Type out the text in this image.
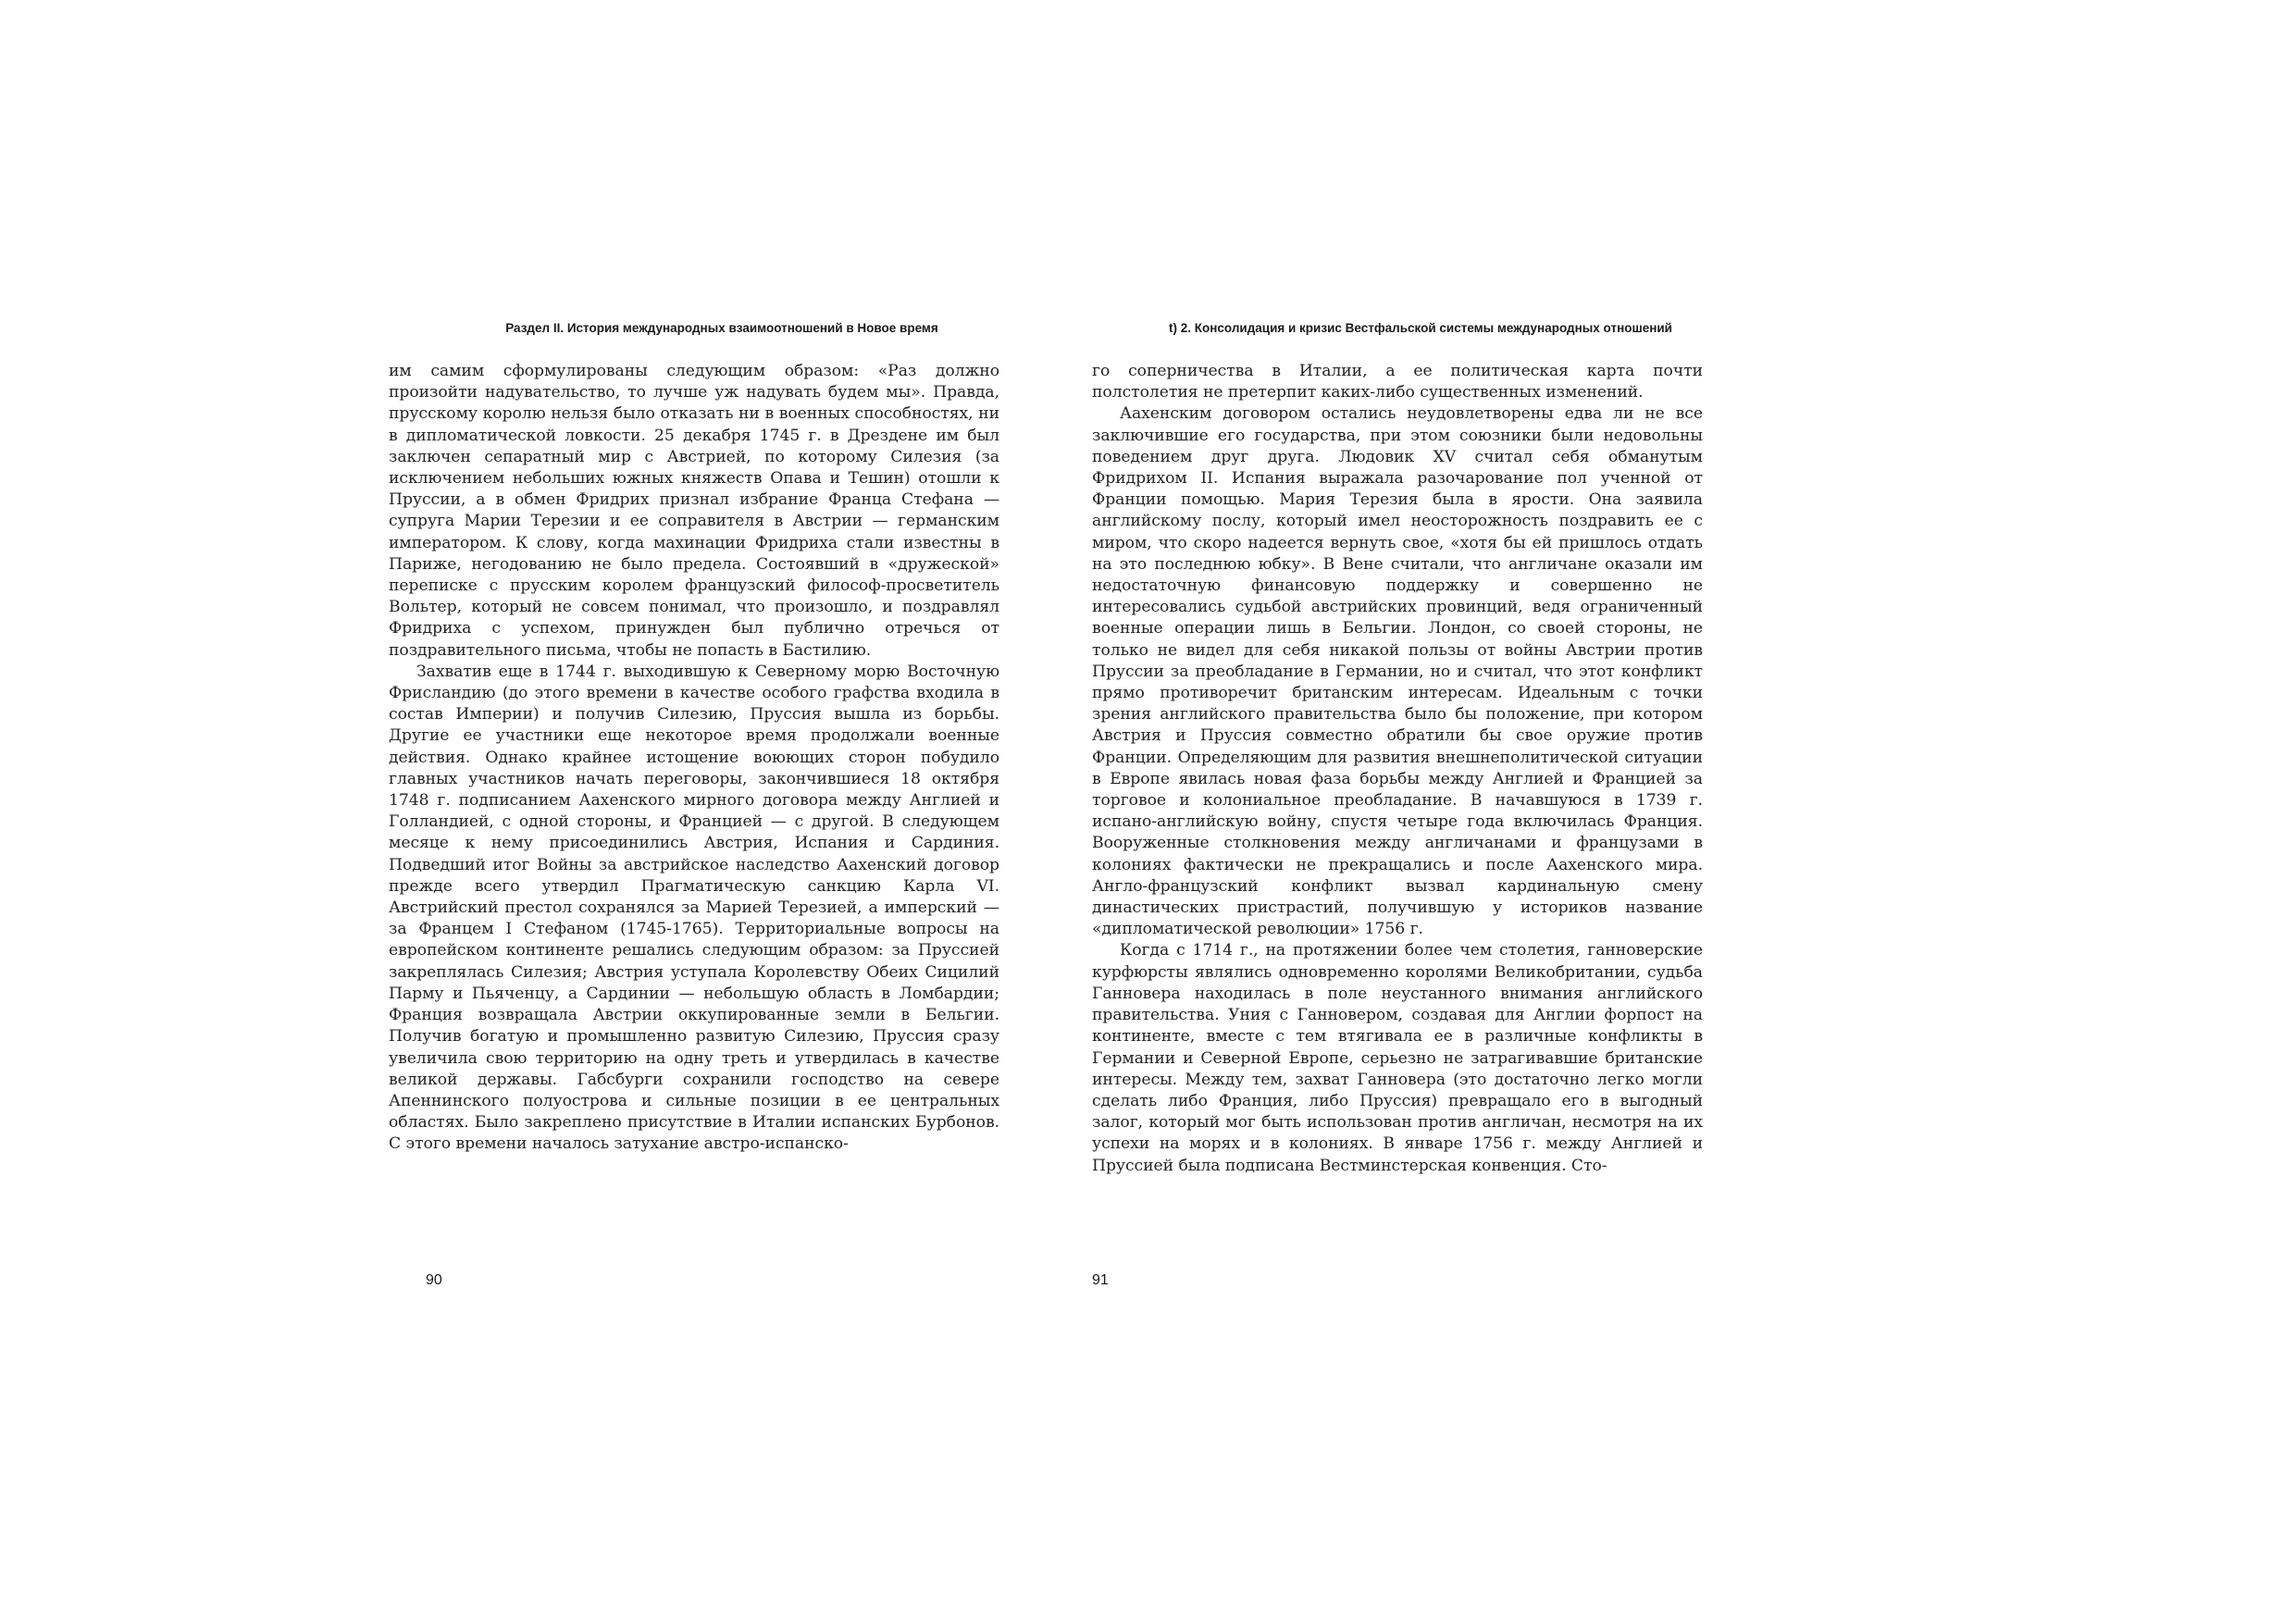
Раздел II. История международных взаимоотношений в Новое время

им самим сформулированы следующим образом: «Раз должно произойти надувательство, то лучше уж надувать будем мы». Правда, прусскому королю нельзя было отказать ни в военных способностях, ни в дипломатической ловкости. 25 декабря 1745 г. в Дрездене им был заключен сепаратный мир с Австрией, по которому Силезия (за исключением небольших южных княжеств Опава и Тешин) отошли к Пруссии, а в обмен Фридрих признал избрание Франца Стефана — супруга Марии Терезии и ее соправителя в Австрии — германским императором. К слову, когда махинации Фридриха стали известны в Париже, негодованию не было предела. Состоявший в «дружеской» переписке с прусским королем французский философ-просветитель Вольтер, который не совсем понимал, что произошло, и поздравлял Фридриха с успехом, принужден был публично отречься от поздравительного письма, чтобы не попасть в Бастилию.

Захватив еще в 1744 г. выходившую к Северному морю Восточную Фрисландию (до этого времени в качестве особого графства входила в состав Империи) и получив Силезию, Пруссия вышла из борьбы. Другие ее участники еще некоторое время продолжали военные действия. Однако крайнее истощение воюющих сторон побудило главных участников начать переговоры, закончившиеся 18 октября 1748 г. подписанием Аахенского мирного договора между Англией и Голландией, с одной стороны, и Францией — с другой. В следующем месяце к нему присоединились Австрия, Испания и Сардиния. Подведший итог Войны за австрийское наследство Аахенский договор прежде всего утвердил Прагматическую санкцию Карла VI. Австрийский престол сохранялся за Марией Терезией, а имперский — за Францем I Стефаном (1745-1765). Территориальные вопросы на европейском континенте решались следующим образом: за Пруссией закреплялась Силезия; Австрия уступала Королевству Обеих Сицилий Парму и Пьяченцу, а Сардинии — небольшую область в Ломбардии; Франция возвращала Австрии оккупированные земли в Бельгии. Получив богатую и промышленно развитую Силезию, Пруссия сразу увеличила свою территорию на одну треть и утвердилась в качестве великой державы. Габсбурги сохранили господство на севере Апеннинского полуострова и сильные позиции в ее центральных областях. Было закреплено присутствие в Италии испанских Бурбонов. С этого времени началось затухание австро-испанско-

90
t) 2. Консолидация и кризис Вестфальской системы международных отношений

го соперничества в Италии, а ее политическая карта почти полстолетия не претерпит каких-либо существенных изменений.

Аахенским договором остались неудовлетворены едва ли не все заключившие его государства, при этом союзники были недовольны поведением друг друга. Людовик XV считал себя обманутым Фридрихом II. Испания выражала разочарование пол ученной от Франции помощью. Мария Терезия была в ярости. Она заявила английскому послу, который имел неосторожность поздравить ее с миром, что скоро надеется вернуть свое, «хотя бы ей пришлось отдать на это последнюю юбку». В Вене считали, что англичане оказали им недостаточную финансовую поддержку и совершенно не интересовались судьбой австрийских провинций, ведя ограниченный военные операции лишь в Бельгии. Лондон, со своей стороны, не только не видел для себя никакой пользы от войны Австрии против Пруссии за преобладание в Германии, но и считал, что этот конфликт прямо противоречит британским интересам. Идеальным с точки зрения английского правительства было бы положение, при котором Австрия и Пруссия совместно обратили бы свое оружие против Франции. Определяющим для развития внешнеполитической ситуации в Европе явилась новая фаза борьбы между Англией и Францией за торговое и колониальное преобладание. В начавшуюся в 1739 г. испано-английскую войну, спустя четыре года включилась Франция. Вооруженные столкновения между англичанами и французами в колониях фактически не прекращались и после Аахенского мира. Англо-французский конфликт вызвал кардинальную смену династических пристрастий, получившую у историков название «дипломатической революции» 1756 г.

Когда с 1714 г., на протяжении более чем столетия, ганноверские курфюрсты являлись одновременно королями Великобритании, судьба Ганновера находилась в поле неустанного внимания английского правительства. Уния с Ганновером, создавая для Англии форпост на континенте, вместе с тем втягивала ее в различные конфликты в Германии и Северной Европе, серьезно не затрагивавшие британские интересы. Между тем, захват Ганновера (это достаточно легко могли сделать либо Франция, либо Пруссия) превращало его в выгодный залог, который мог быть использован против англичан, несмотря на их успехи на морях и в колониях. В январе 1756 г. между Англией и Пруссией была подписана Вестминстерская конвенция. Сто-

91
